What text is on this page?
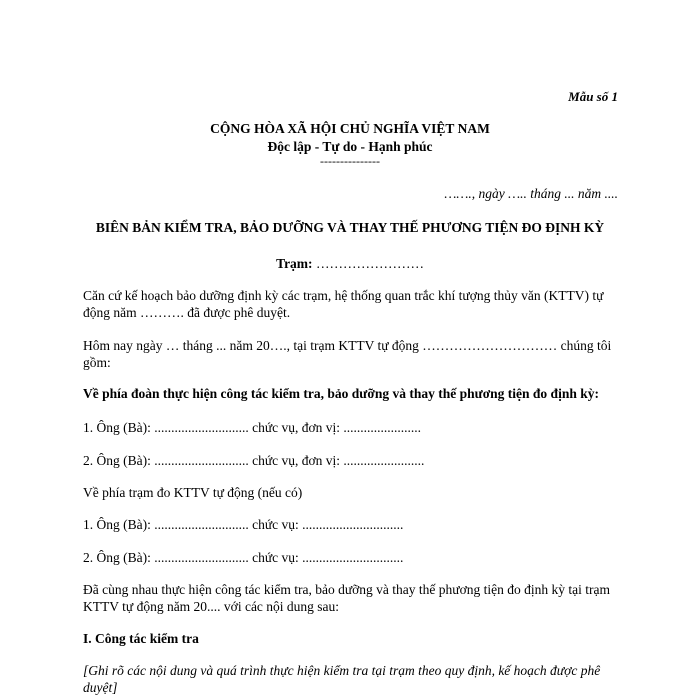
Mẫu số 1
CỘNG HÒA XÃ HỘI CHỦ NGHĨA VIỆT NAM
Độc lập - Tự do - Hạnh phúc
---------------
……., ngày ….. tháng ... năm ....
BIÊN BẢN KIỂM TRA, BẢO DƯỠNG VÀ THAY THẾ PHƯƠNG TIỆN ĐO ĐỊNH KỲ
Trạm: ……………………
Căn cứ kế hoạch bảo dưỡng định kỳ các trạm, hệ thống quan trắc khí tượng thủy văn (KTTV) tự động năm ………. đã được phê duyệt.
Hôm nay ngày … tháng ... năm 20…., tại trạm KTTV tự động ………………………… chúng tôi gồm:
Về phía đoàn thực hiện công tác kiểm tra, bảo dưỡng và thay thế phương tiện đo định kỳ:
1. Ông (Bà): ............................ chức vụ, đơn vị: .......................
2. Ông (Bà): ............................ chức vụ, đơn vị: ........................
Về phía trạm đo KTTV tự động (nếu có)
1. Ông (Bà): ............................ chức vụ: ..............................
2. Ông (Bà): ............................ chức vụ: ..............................
Đã cùng nhau thực hiện công tác kiểm tra, bảo dưỡng và thay thế phương tiện đo định kỳ tại trạm KTTV tự động năm 20.... với các nội dung sau:
I. Công tác kiểm tra
[Ghi rõ các nội dung và quá trình thực hiện kiểm tra tại trạm theo quy định, kế hoạch được phê duyệt]
